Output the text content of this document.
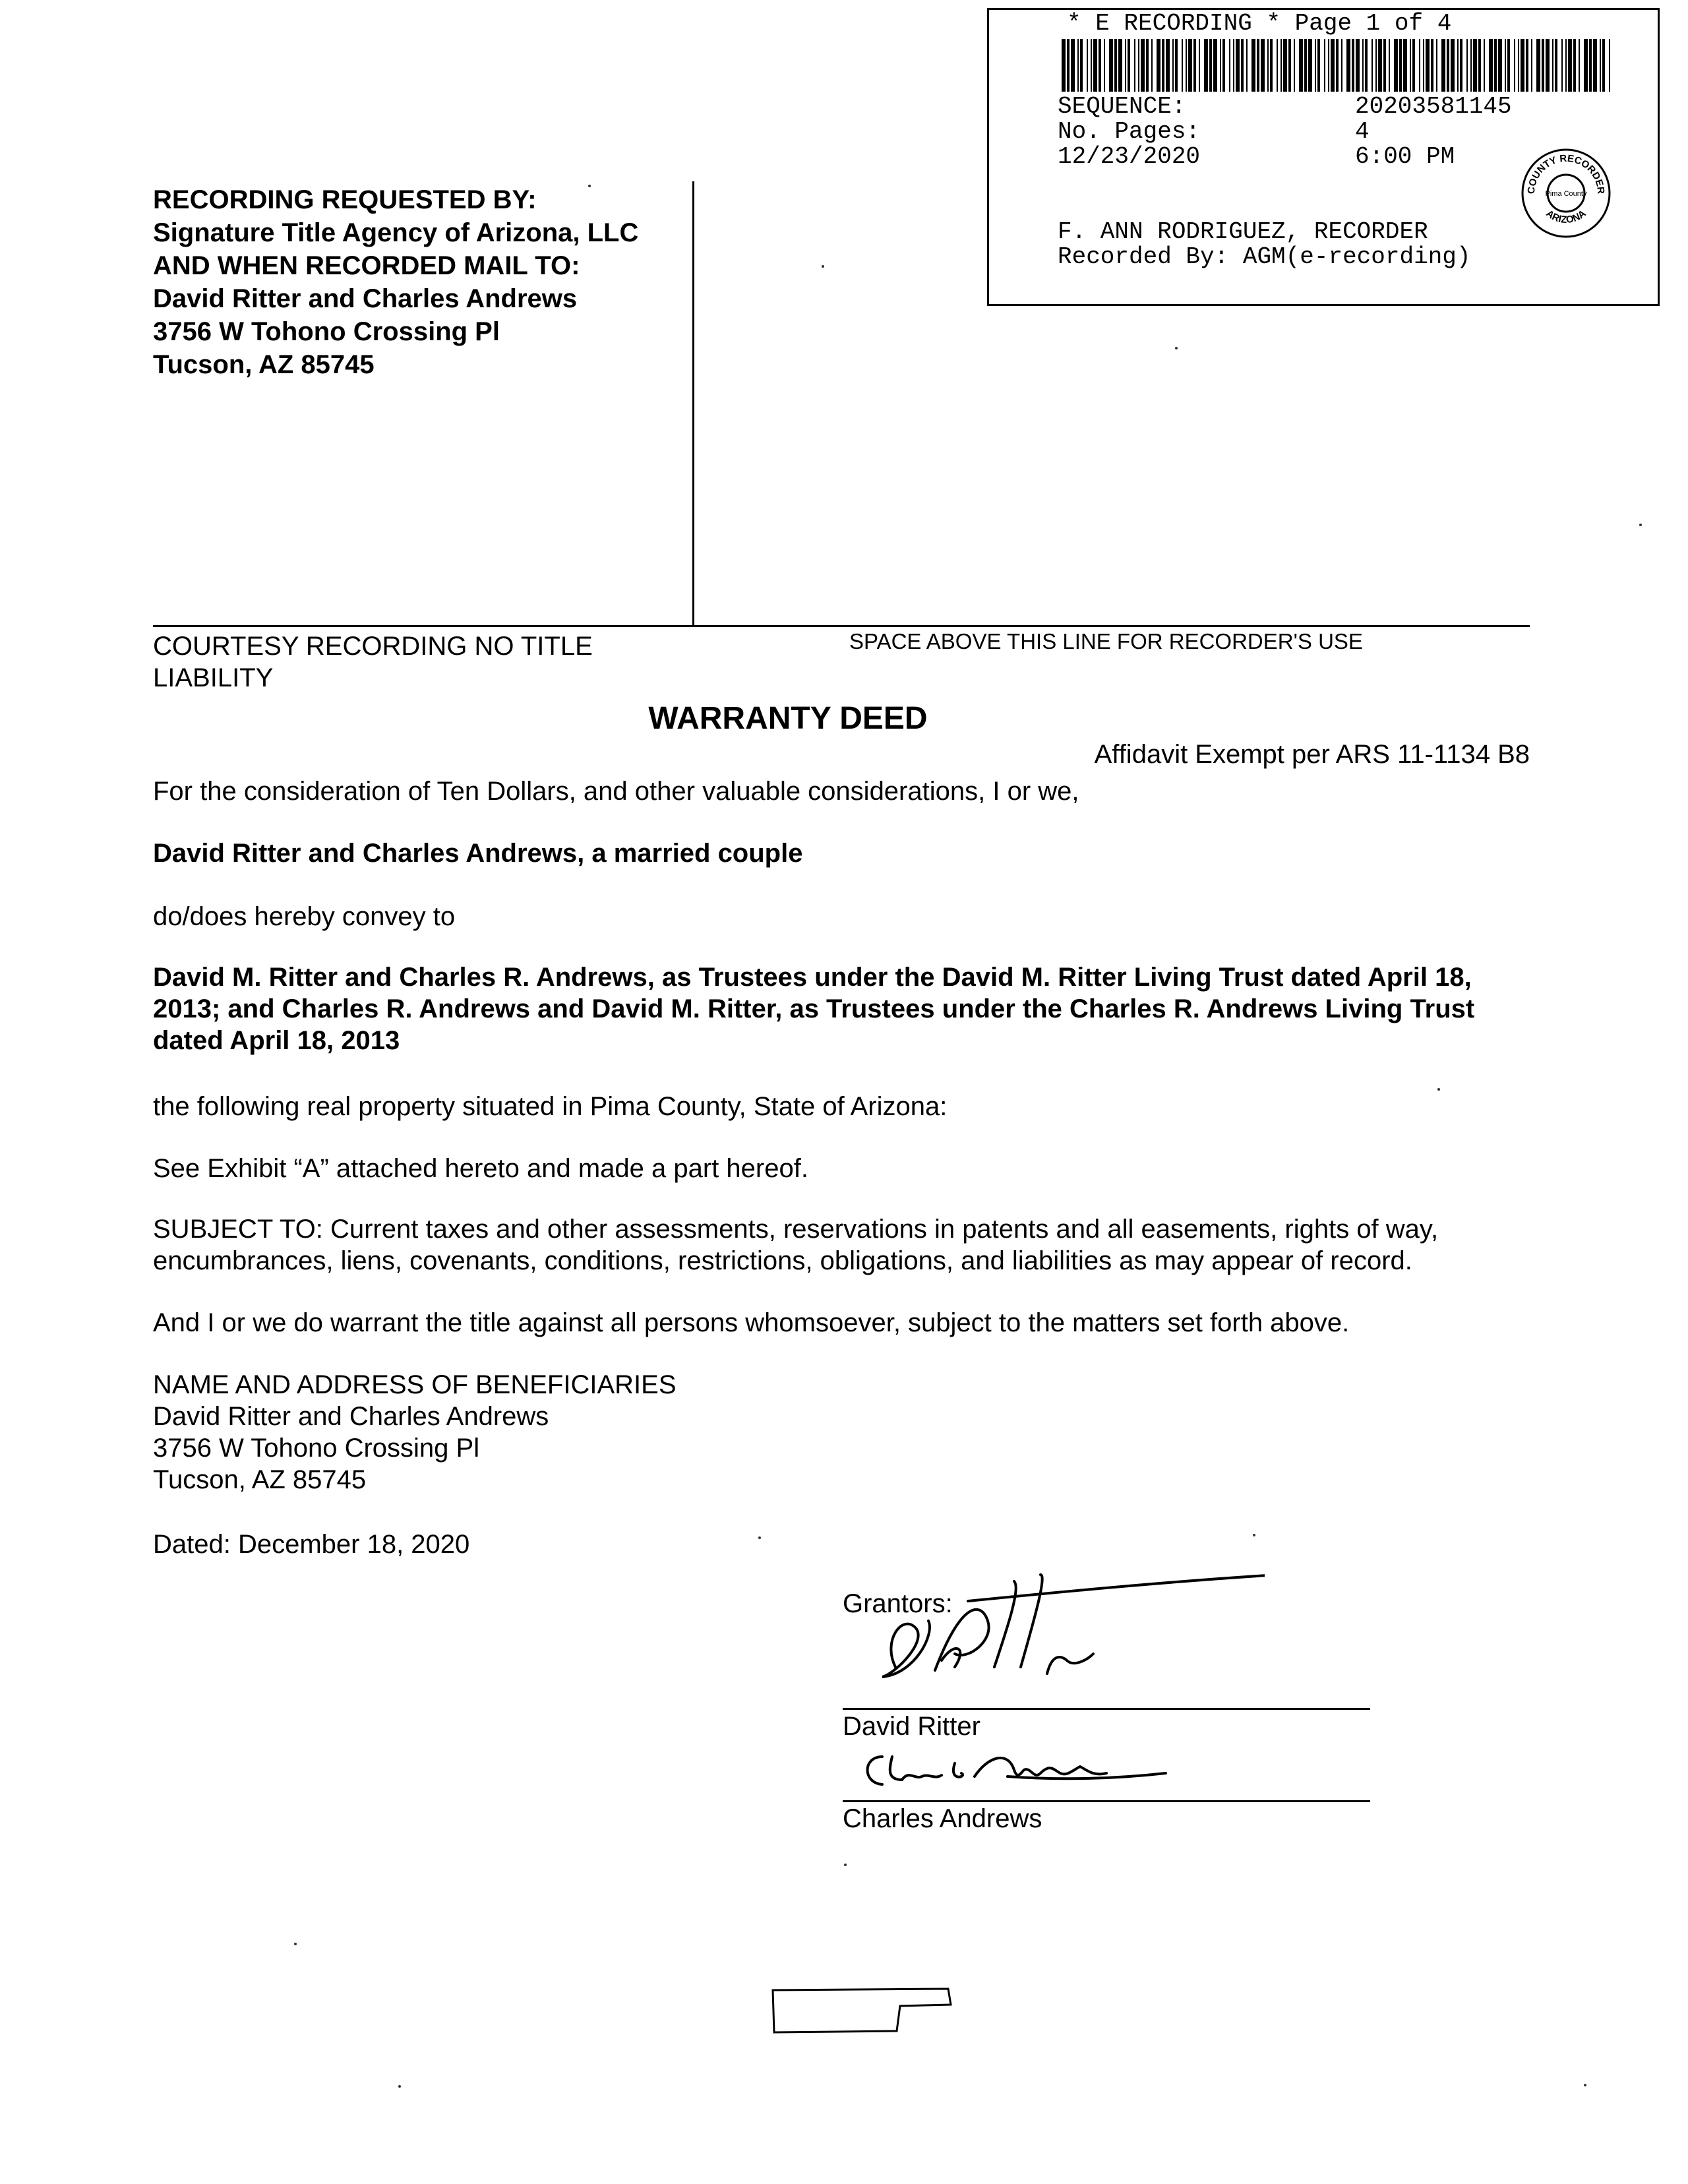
* E RECORDING * Page 1 of 4
SEQUENCE:	20203581145
No. Pages:	4
12/23/2020	6:00 PM
F. ANN RODRIGUEZ, RECORDER
Recorded By: AGM(e-recording)
COUNTY RECORDER
Pima County
ARIZONA
RECORDING REQUESTED BY:
Signature Title Agency of Arizona, LLC
AND WHEN RECORDED MAIL TO:
David Ritter and Charles Andrews
3756 W Tohono Crossing Pl
Tucson, AZ 85745
COURTESY RECORDING NO TITLE LIABILITY
SPACE ABOVE THIS LINE FOR RECORDER'S USE
WARRANTY DEED
Affidavit Exempt per ARS 11-1134 B8
For the consideration of Ten Dollars, and other valuable considerations, I or we,
David Ritter and Charles Andrews, a married couple
do/does hereby convey to
David M. Ritter and Charles R. Andrews, as Trustees under the David M. Ritter Living Trust dated April 18, 2013; and Charles R. Andrews and David M. Ritter, as Trustees under the Charles R. Andrews Living Trust dated April 18, 2013
the following real property situated in Pima County, State of Arizona:
See Exhibit “A” attached hereto and made a part hereof.
SUBJECT TO: Current taxes and other assessments, reservations in patents and all easements, rights of way, encumbrances, liens, covenants, conditions, restrictions, obligations, and liabilities as may appear of record.
And I or we do warrant the title against all persons whomsoever, subject to the matters set forth above.
NAME AND ADDRESS OF BENEFICIARIES
David Ritter and Charles Andrews
3756 W Tohono Crossing Pl
Tucson, AZ 85745
Dated: December 18, 2020
Grantors:
David Ritter
Charles Andrews
